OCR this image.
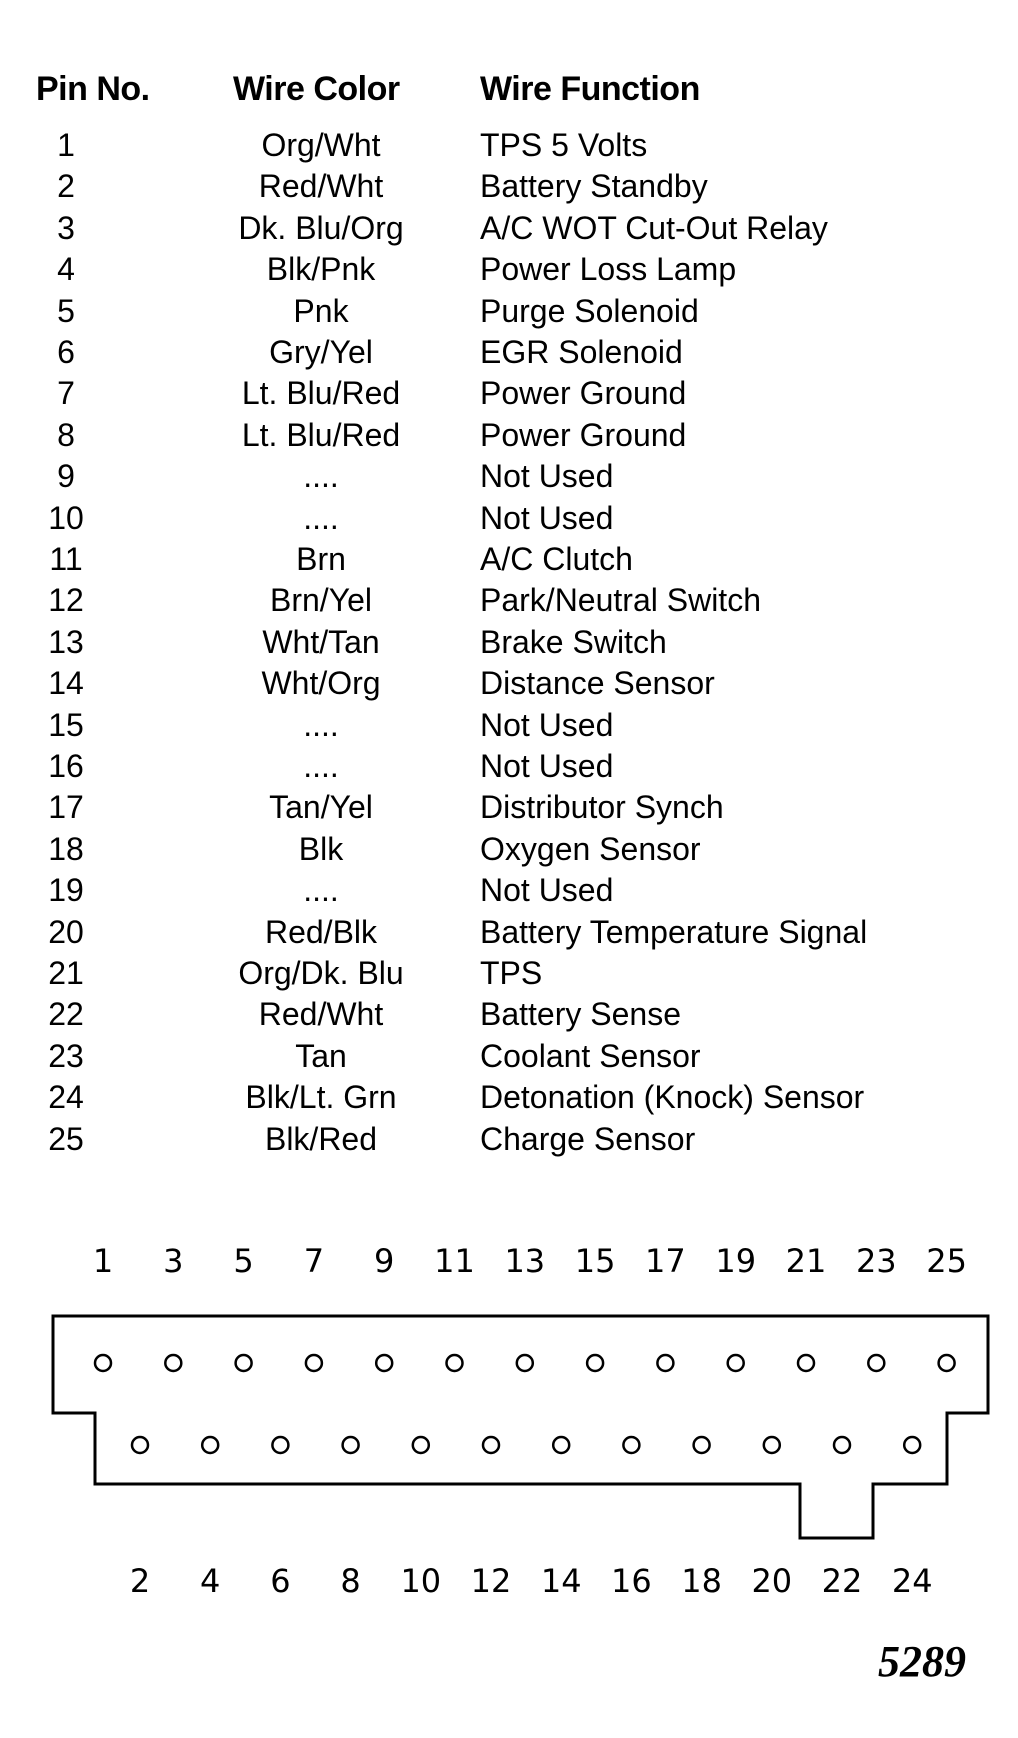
Pin No. Wire Color Wire Function
1	Org/Wht	TPS 5 Volts
2	Red/Wht	Battery Standby
3	Dk. Blu/Org	A/C WOT Cut-Out Relay
4	Blk/Pnk	Power Loss Lamp
5	Pnk	Purge Solenoid
6	Gry/Yel	EGR Solenoid
7	Lt. Blu/Red	Power Ground
8	Lt. Blu/Red	Power Ground
9	....	Not Used
10	....	Not Used
11	Brn	A/C Clutch
12	Brn/Yel	Park/Neutral Switch
13	Wht/Tan	Brake Switch
14	Wht/Org	Distance Sensor
15	....	Not Used
16	....	Not Used
17	Tan/Yel	Distributor Synch
18	Blk	Oxygen Sensor
19	....	Not Used
20	Red/Blk	Battery Temperature Signal
21	Org/Dk. Blu	TPS
22	Red/Wht	Battery Sense
23	Tan	Coolant Sensor
24	Blk/Lt. Grn	Detonation (Knock) Sensor
25	Blk/Red	Charge Sensor
1 3 5 7 9 11 13 15 17 19 21 23 25
2 4 6 8 10 12 14 16 18 20 22 24
5289
